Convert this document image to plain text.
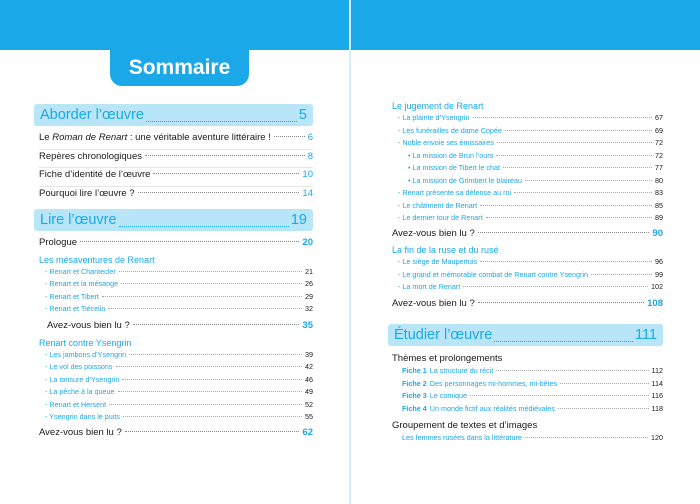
Sommaire
Aborder l’œuvre	5
Le Roman de Renart : une véritable aventure littéraire !	6
Repères chronologiques	8
Fiche d’identité de l’œuvre	10
Pourquoi lire l’œuvre ?	14
Lire l’œuvre	19
Prologue	20
Les mésaventures de Renart
- Renart et Chantecler	21
- Renart et la mésange	26
- Renart et Tibert	29
- Renart et Tiécelin	32
Avez-vous bien lu ?	35
Renart contre Ysengrin
- Les jambons d’Ysengrin	39
- Le vol des poissons	42
- La tonsure d’Ysengrin	46
- La pêche à la queue	49
- Renart et Hersent	52
- Ysengrin dans le puits	55
Avez-vous bien lu ?	62
Le jugement de Renart
- La plainte d’Ysengrin	67
- Les funérailles de dame Copée	69
- Noble envoie ses émissaires	72
• La mission de Brun l’ours	72
• La mission de Tibert le chat	77
• La mission de Grimbert le blaireau	80
- Renart présente sa défense au roi	83
- Le châtiment de Renart	85
- Le dernier tour de Renart	89
Avez-vous bien lu ?	90
La fin de la ruse et du rusé
- Le siège de Maupertuis	96
- Le grand et mémorable combat de Renart contre Ysengrin	99
- La mort de Renart	102
Avez-vous bien lu ?	108
Étudier l’œuvre	111
Thèmes et prolongements
Fiche 1 La structure du récit	112
Fiche 2 Des personnages mi-hommes, mi-bêtes	114
Fiche 3 Le comique	116
Fiche 4 Un monde fictif aux réalités médiévales	118
Groupement de textes et d’images
Les femmes rusées dans la littérature	120
